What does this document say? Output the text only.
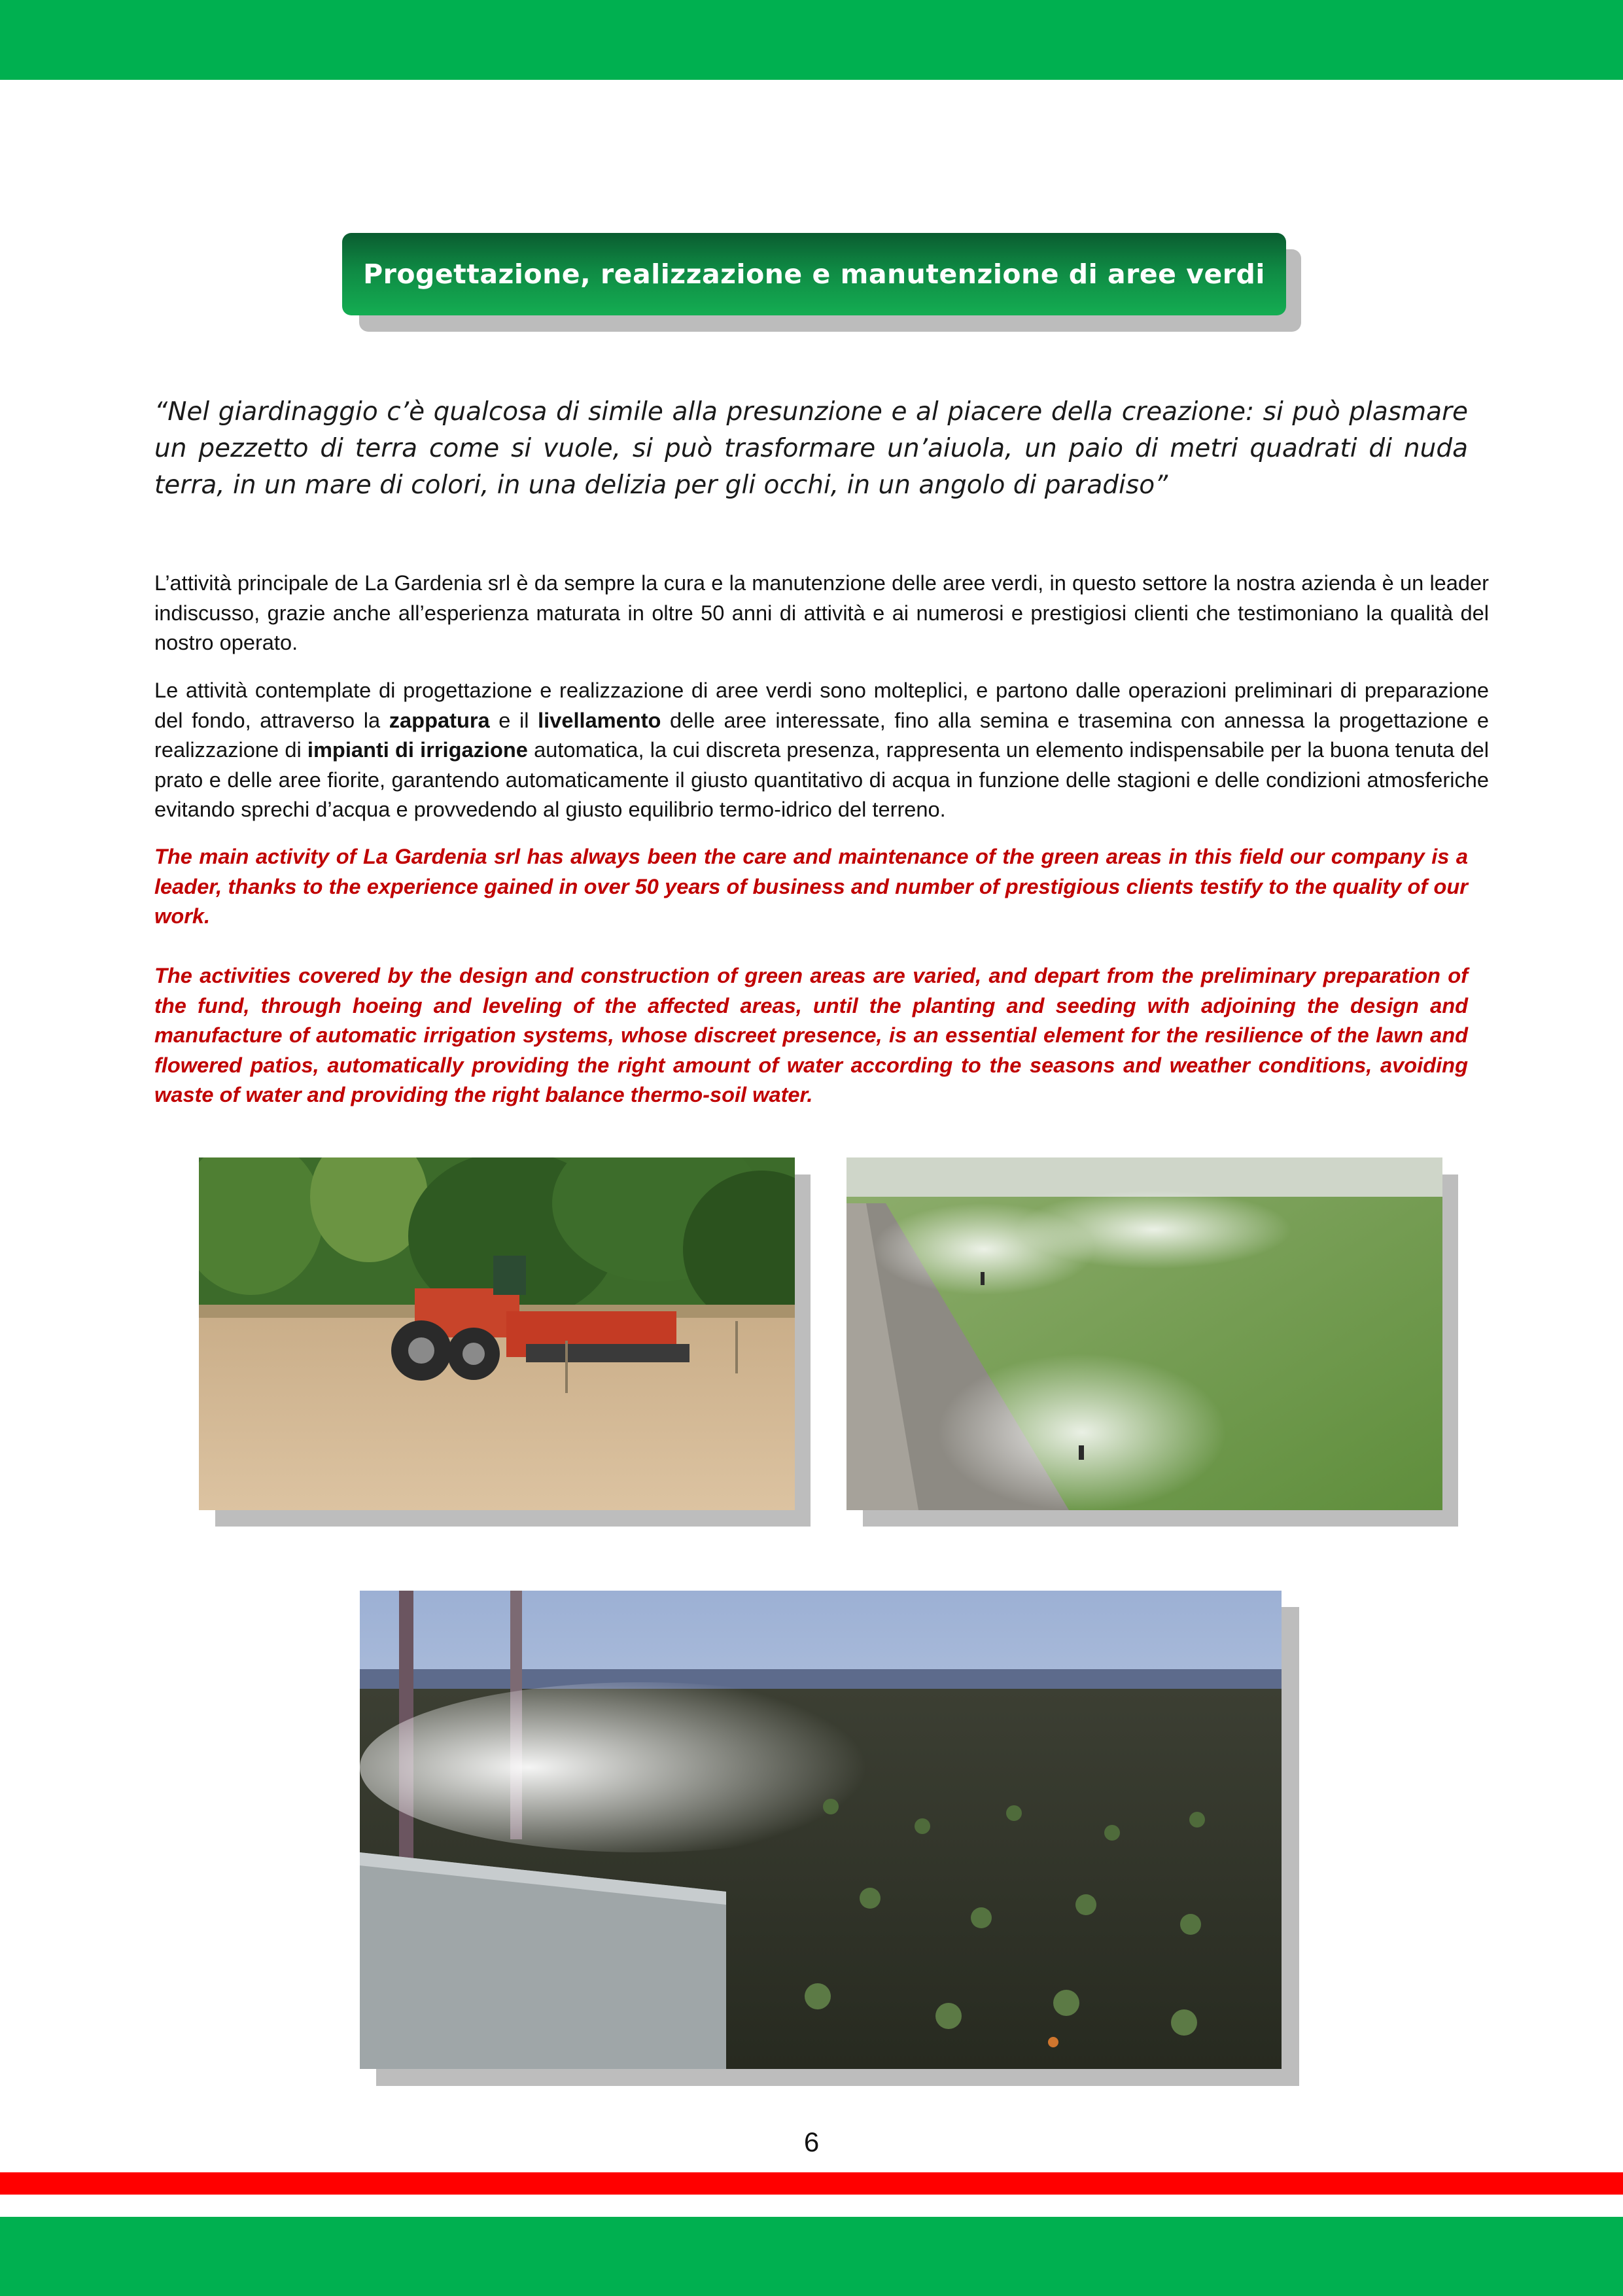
Progettazione, realizzazione e manutenzione di aree verdi

“Nel giardinaggio c’è qualcosa di simile alla presunzione e al piacere della creazione: si può plasmare un pezzetto di terra come si vuole, si può trasformare un’aiuola, un paio di metri quadrati di nuda terra, in un mare di colori, in una delizia per gli occhi, in un angolo di paradiso”

L’attività principale de La Gardenia srl è da sempre la cura e la manutenzione delle aree verdi, in questo settore la nostra azienda è un leader indiscusso, grazie anche all’esperienza maturata in oltre 50 anni di attività e ai numerosi e prestigiosi clienti che testimoniano la qualità del nostro operato.

Le attività contemplate di progettazione e realizzazione di aree verdi sono molteplici, e partono dalle operazioni preliminari di preparazione del fondo, attraverso la zappatura e il livellamento delle aree interessate, fino alla semina e trasemina con annessa la progettazione e realizzazione di impianti di irrigazione automatica, la cui discreta presenza, rappresenta un elemento indispensabile per la buona tenuta del prato e delle aree fiorite, garantendo automaticamente il giusto quantitativo di acqua in funzione delle stagioni e delle condizioni atmosferiche evitando sprechi d’acqua e provvedendo al giusto equilibrio termo-idrico del terreno.

The main activity of La Gardenia srl has always been the care and maintenance of the green areas in this field our company is a leader, thanks to the experience gained in over 50 years of business and number of prestigious clients testify to the quality of our work.

The activities covered by the design and construction of green areas are varied, and depart from the preliminary preparation of the fund, through hoeing and leveling of the affected areas, until the planting and seeding with adjoining the design and manufacture of automatic irrigation systems, whose discreet presence, is an essential element for the resilience of the lawn and flowered patios, automatically providing the right amount of water according to the seasons and weather conditions, avoiding waste of water and providing the right balance thermo-soil water.

6
